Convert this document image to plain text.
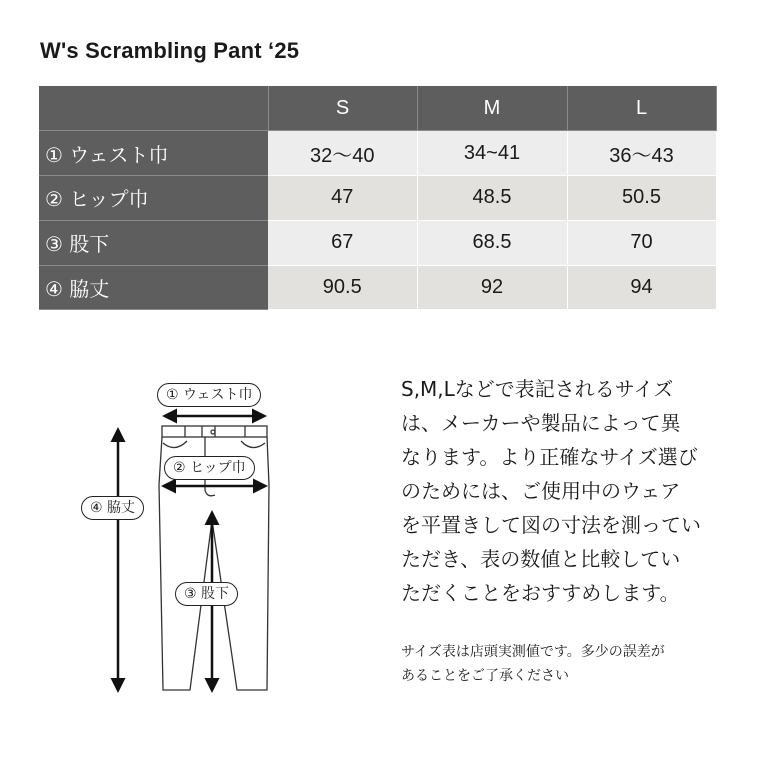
W's Scrambling Pant ‘25
	S	M	L
① ウェスト巾	32〜40	34~41	36〜43
② ヒップ巾	47	48.5	50.5
③ 股下	67	68.5	70
④ 脇丈	90.5	92	94
① ウェスト巾
② ヒップ巾
④ 脇丈
③ 股下

S,M,Lなどで表記されるサイズ

は、メーカーや製品によって異

なります。より正確なサイズ選び

のためには、ご使用中のウェア

を平置きして図の寸法を測ってい

ただき、表の数値と比較してい

ただくことをおすすめします。

サイズ表は店頭実測値です。多少の誤差が

あることをご了承ください
